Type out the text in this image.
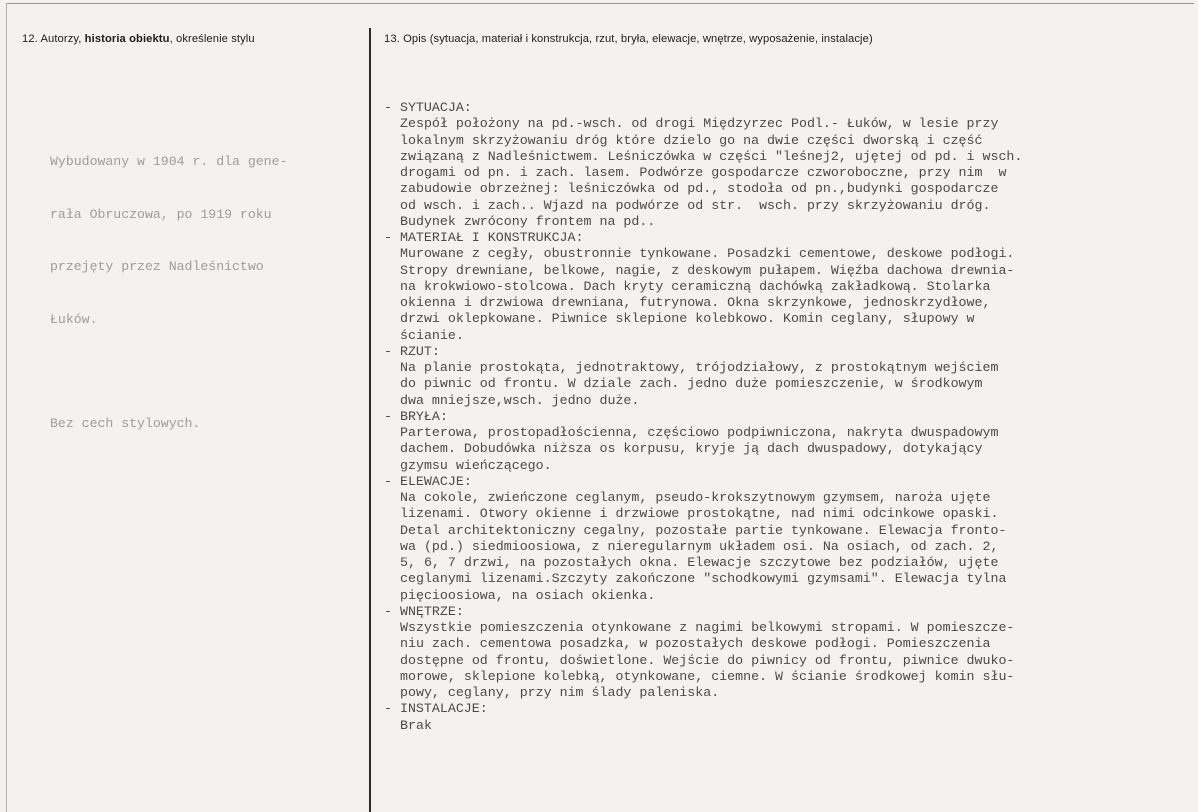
12. Autorzy, historia obiektu, określenie stylu	13. Opis (sytuacja, materiał i konstrukcja, rzut, bryła, elewacje, wnętrze, wyposażenie, instalacje)

Wybudowany w 1904 r. dla gene-

rała Obruczowa, po 1919 roku

przejęty przez Nadleśnictwo

Łuków.

Bez cech stylowych.

- SYTUACJA:
Zespół położony na pd.-wsch. od drogi Międzyrzec Podl.- Łuków, w lesie przy
lokalnym skrzyżowaniu dróg które dzielo go na dwie części dworską i część
związaną z Nadleśnictwem. Leśniczówka w części "leśnej2, ujętej od pd. i wsch.
drogami od pn. i zach. lasem. Podwórze gospodarcze czworoboczne, przy nim  w
zabudowie obrzeżnej: leśniczówka od pd., stodoła od pn.,budynki gospodarcze
od wsch. i zach.. Wjazd na podwórze od str.  wsch. przy skrzyżowaniu dróg.
Budynek zwrócony frontem na pd..
- MATERIAŁ I KONSTRUKCJA:
Murowane z cegły, obustronnie tynkowane. Posadzki cementowe, deskowe podłogi.
Stropy drewniane, belkowe, nagie, z deskowym pułapem. Więźba dachowa drewnia-
na krokwiowo-stolcowa. Dach kryty ceramiczną dachówką zakładkową. Stolarka
okienna i drzwiowa drewniana, futrynowa. Okna skrzynkowe, jednoskrzydłowe,
drzwi oklepkowane. Piwnice sklepione kolebkowo. Komin ceglany, słupowy w
ścianie.
- RZUT:
Na planie prostokąta, jednotraktowy, trójodziałowy, z prostokątnym wejściem
do piwnic od frontu. W dziale zach. jedno duże pomieszczenie, w środkowym
dwa mniejsze,wsch. jedno duże.
- BRYŁA:
Parterowa, prostopadłościenna, częściowo podpiwniczona, nakryta dwuspadowym
dachem. Dobudówka niższa os korpusu, kryje ją dach dwuspadowy, dotykający
gzymsu wieńczącego.
- ELEWACJE:
Na cokole, zwieńczone ceglanym, pseudo-krokszytnowym gzymsem, naroża ujęte
lizenami. Otwory okienne i drzwiowe prostokątne, nad nimi odcinkowe opaski.
Detal architektoniczny cegalny, pozostałe partie tynkowane. Elewacja fronto-
wa (pd.) siedmioosiowa, z nieregularnym układem osi. Na osiach, od zach. 2,
5, 6, 7 drzwi, na pozostałych okna. Elewacje szczytowe bez podziałów, ujęte
ceglanymi lizenami.Szczyty zakończone "schodkowymi gzymsami". Elewacja tylna
pięcioosiowa, na osiach okienka.
- WNĘTRZE:
Wszystkie pomieszczenia otynkowane z nagimi belkowymi stropami. W pomieszcze-
niu zach. cementowa posadzka, w pozostałych deskowe podłogi. Pomieszczenia
dostępne od frontu, doświetlone. Wejście do piwnicy od frontu, piwnice dwuko-
morowe, sklepione kolebką, otynkowane, ciemne. W ścianie środkowej komin słu-
powy, ceglany, przy nim ślady paleniska.
- INSTALACJE:
Brak
